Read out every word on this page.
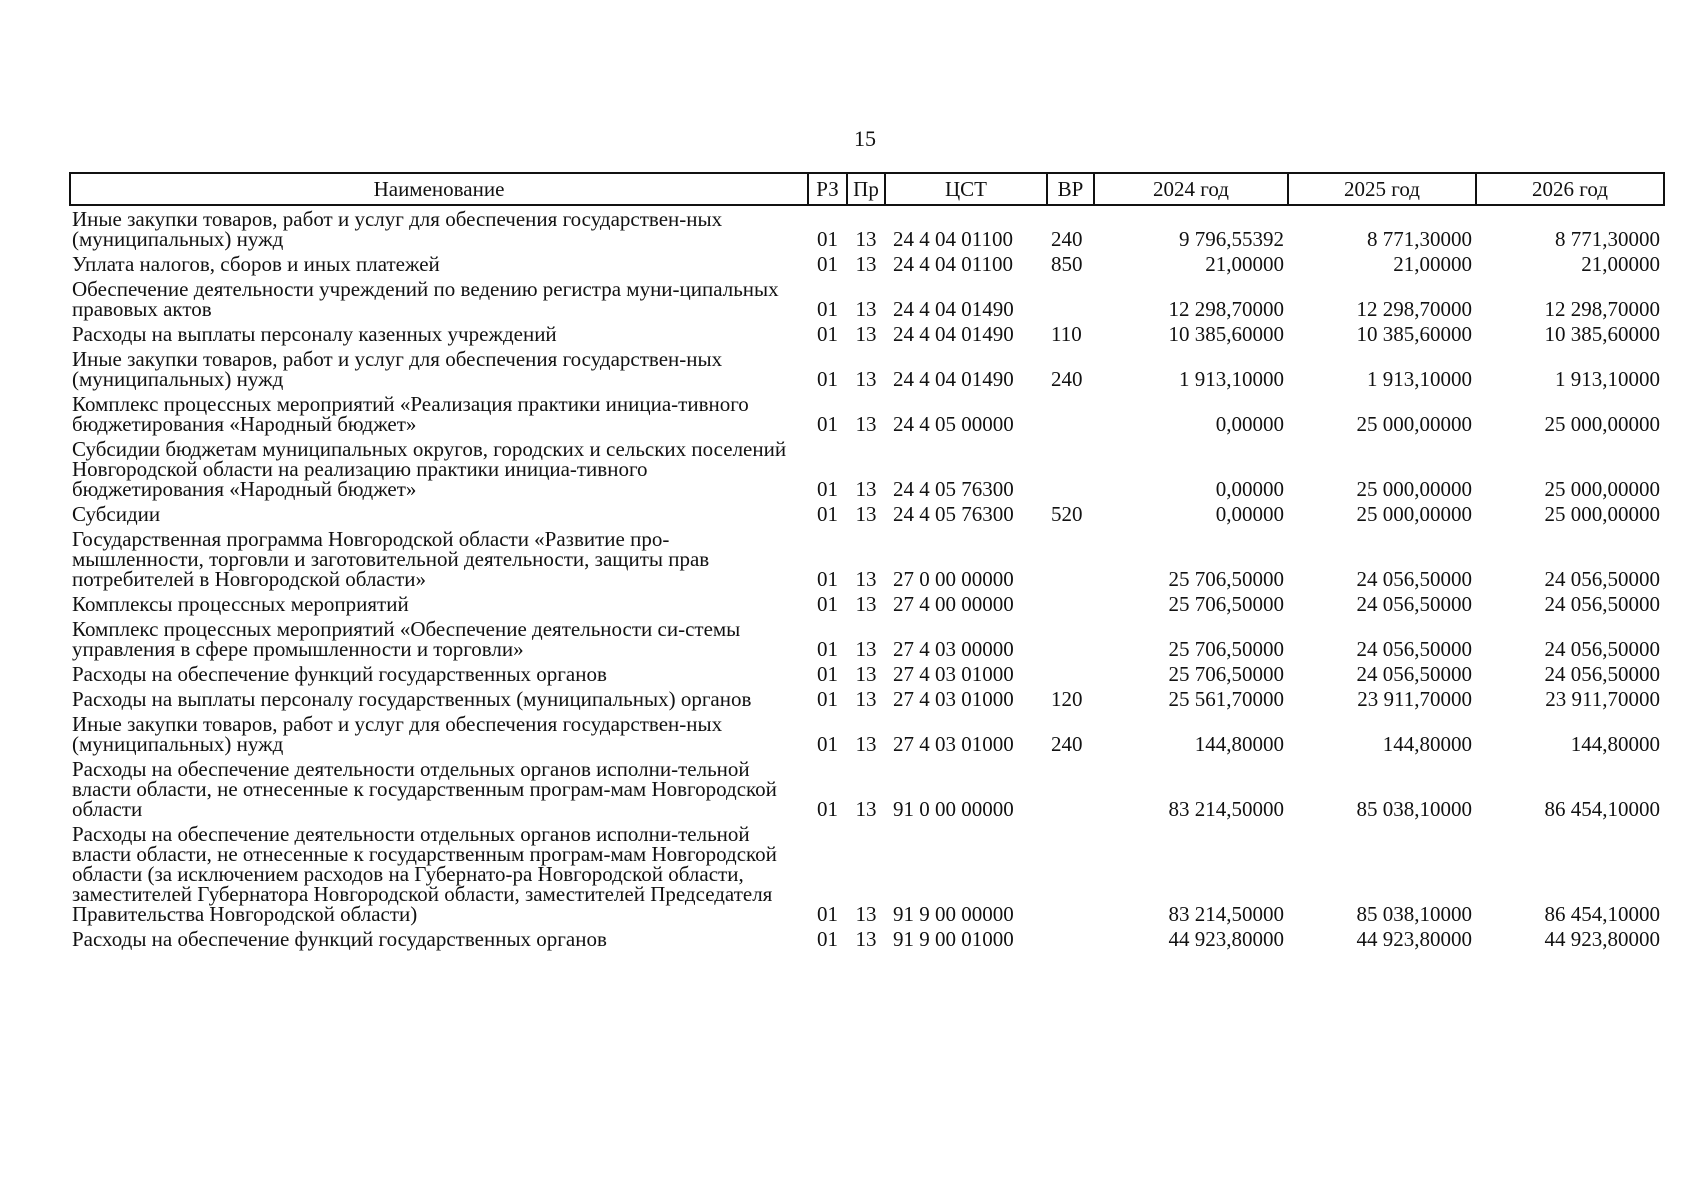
15
Наименование	РЗ	Пр	ЦСТ	ВР	2024 год	2025 год	2026 год
Иные закупки товаров, работ и услуг для обеспечения государствен-ных (муниципальных) нужд	01	13	24 4 04 01100	240	9 796,55392	8 771,30000	8 771,30000
Уплата налогов, сборов и иных платежей	01	13	24 4 04 01100	850	21,00000	21,00000	21,00000
Обеспечение деятельности учреждений по ведению регистра муни-ципальных правовых актов	01	13	24 4 04 01490		12 298,70000	12 298,70000	12 298,70000
Расходы на выплаты персоналу казенных учреждений	01	13	24 4 04 01490	110	10 385,60000	10 385,60000	10 385,60000
Иные закупки товаров, работ и услуг для обеспечения государствен-ных (муниципальных) нужд	01	13	24 4 04 01490	240	1 913,10000	1 913,10000	1 913,10000
Комплекс процессных мероприятий «Реализация практики инициа-тивного бюджетирования «Народный бюджет»	01	13	24 4 05 00000		0,00000	25 000,00000	25 000,00000
Субсидии бюджетам муниципальных округов, городских и сельских поселений Новгородской области на реализацию практики инициа-тивного бюджетирования «Народный бюджет»	01	13	24 4 05 76300		0,00000	25 000,00000	25 000,00000
Субсидии	01	13	24 4 05 76300	520	0,00000	25 000,00000	25 000,00000
Государственная программа Новгородской области «Развитие про-мышленности, торговли и заготовительной деятельности, защиты прав потребителей в Новгородской области»	01	13	27 0 00 00000		25 706,50000	24 056,50000	24 056,50000
Комплексы процессных мероприятий	01	13	27 4 00 00000		25 706,50000	24 056,50000	24 056,50000
Комплекс процессных мероприятий «Обеспечение деятельности си-стемы управления в сфере промышленности и торговли»	01	13	27 4 03 00000		25 706,50000	24 056,50000	24 056,50000
Расходы на обеспечение функций государственных органов	01	13	27 4 03 01000		25 706,50000	24 056,50000	24 056,50000
Расходы на выплаты персоналу государственных (муниципальных) органов	01	13	27 4 03 01000	120	25 561,70000	23 911,70000	23 911,70000
Иные закупки товаров, работ и услуг для обеспечения государствен-ных (муниципальных) нужд	01	13	27 4 03 01000	240	144,80000	144,80000	144,80000
Расходы на обеспечение деятельности отдельных органов исполни-тельной власти области, не отнесенные к государственным програм-мам Новгородской области	01	13	91 0 00 00000		83 214,50000	85 038,10000	86 454,10000
Расходы на обеспечение деятельности отдельных органов исполни-тельной власти области, не отнесенные к государственным програм-мам Новгородской области (за исключением расходов на Губернато-ра Новгородской области, заместителей Губернатора Новгородской области, заместителей Председателя Правительства Новгородской области)	01	13	91 9 00 00000		83 214,50000	85 038,10000	86 454,10000
Расходы на обеспечение функций государственных органов	01	13	91 9 00 01000		44 923,80000	44 923,80000	44 923,80000
